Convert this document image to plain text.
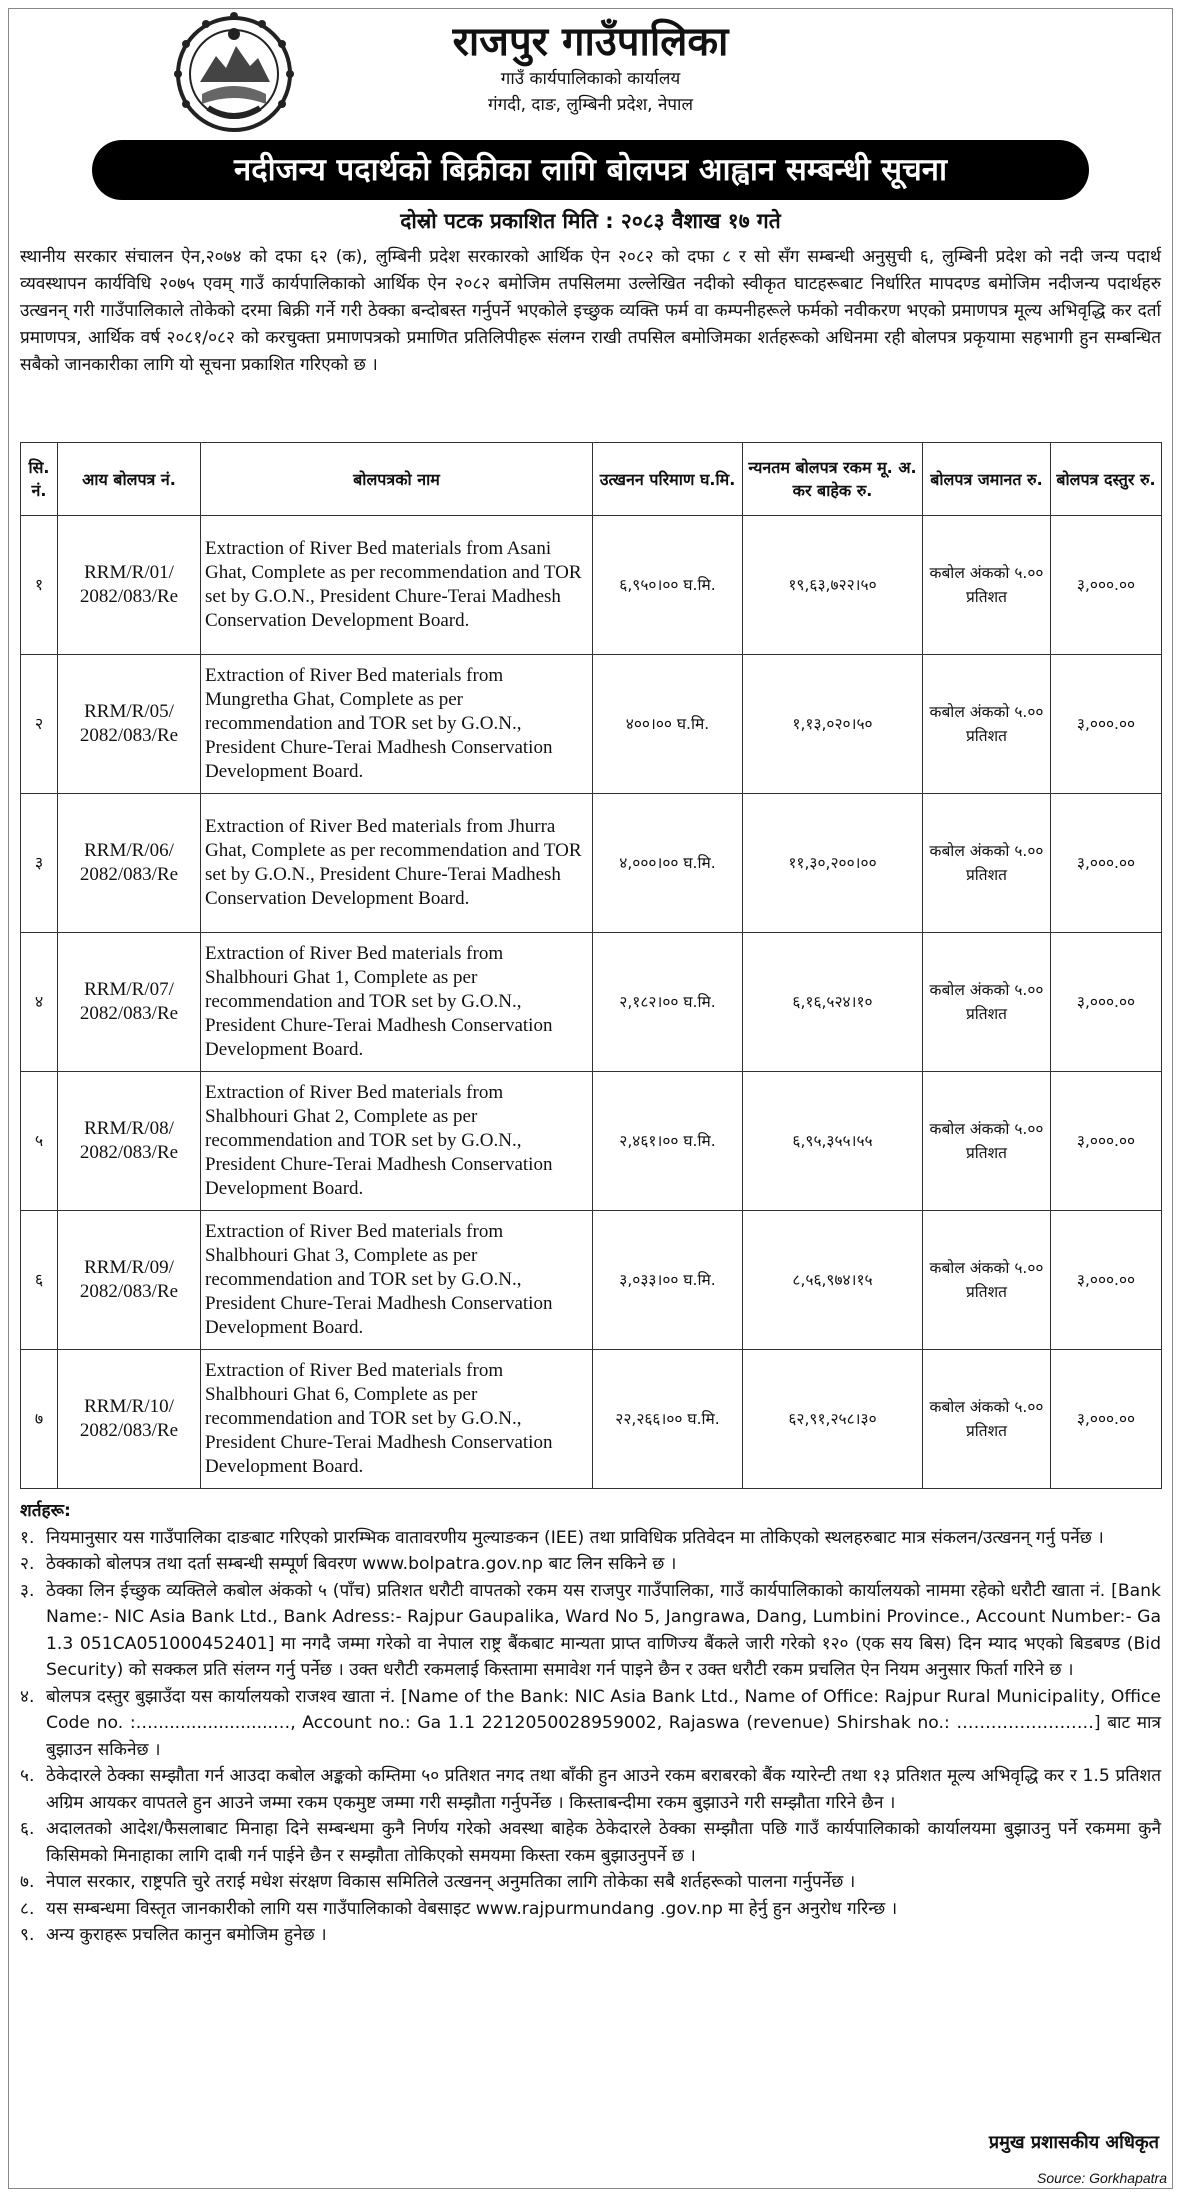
राजपुर गाउँपालिका
गाउँ कार्यपालिकाको कार्यालय
गंगदी, दाङ, लुम्बिनी प्रदेश, नेपाल
नदीजन्य पदार्थको बिक्रीका लागि बोलपत्र आह्वान सम्बन्धी सूचना
दोस्रो पटक प्रकाशित मिति : २०८३ वैशाख १७ गते
स्थानीय सरकार संचालन ऐन,२०७४ को दफा ६२ (क), लुम्बिनी प्रदेश सरकारको आर्थिक ऐन २०८२ को दफा ८ र सो सँग सम्बन्धी अनुसुची ६, लुम्बिनी प्रदेश को नदी जन्य पदार्थ व्यवस्थापन कार्यविधि २०७५ एवम् गाउँ कार्यपालिकाको आर्थिक ऐन २०८२ बमोजिम तपसिलमा उल्लेखित नदीको स्वीकृत घाटहरूबाट निर्धारित मापदण्ड बमोजिम नदीजन्य पदार्थहरु उत्खनन् गरी गाउँपालिकाले तोकेको दरमा बिक्री गर्ने गरी ठेक्का बन्दोबस्त गर्नुपर्ने भएकोले इच्छुक व्यक्ति फर्म वा कम्पनीहरूले फर्मको नवीकरण भएको प्रमाणपत्र मूल्य अभिवृद्धि कर दर्ता प्रमाणपत्र, आर्थिक वर्ष २०८१/०८२ को करचुक्ता प्रमाणपत्रको प्रमाणित प्रतिलिपीहरू संलग्न राखी तपसिल बमोजिमका शर्तहरूको अधिनमा रही बोलपत्र प्रकृयामा सहभागी हुन सम्बन्धित सबैको जानकारीका लागि यो सूचना प्रकाशित गरिएको छ ।
सि. नं.	आय बोलपत्र नं.	बोलपत्रको नाम	उत्खनन परिमाण घ.मि.	न्यनतम बोलपत्र रकम मू. अ. कर बाहेक रु.	बोलपत्र जमानत रु.	बोलपत्र दस्तुर रु.
१	RRM/R/01/ 2082/083/Re	Extraction of River Bed materials from Asani Ghat, Complete as per recommendation and TOR set by G.O.N., President Chure-Terai Madhesh Conservation Development Board.	६,९५०।०० घ.मि.	१९,६३,७२२।५०	कबोल अंकको ५.०० प्रतिशत	३,०००.००
२	RRM/R/05/ 2082/083/Re	Extraction of River Bed materials from Mungretha Ghat, Complete as per recommendation and TOR set by G.O.N., President Chure-Terai Madhesh Conservation Development Board.	४००।०० घ.मि.	१,१३,०२०।५०	कबोल अंकको ५.०० प्रतिशत	३,०००.००
३	RRM/R/06/ 2082/083/Re	Extraction of River Bed materials from Jhurra Ghat, Complete as per recommendation and TOR set by G.O.N., President Chure-Terai Madhesh Conservation Development Board.	४,०००।०० घ.मि.	११,३०,२००।००	कबोल अंकको ५.०० प्रतिशत	३,०००.००
४	RRM/R/07/ 2082/083/Re	Extraction of River Bed materials from Shalbhouri Ghat 1, Complete as per recommendation and TOR set by G.O.N., President Chure-Terai Madhesh Conservation Development Board.	२,१८२।०० घ.मि.	६,१६,५२४।१०	कबोल अंकको ५.०० प्रतिशत	३,०००.००
५	RRM/R/08/ 2082/083/Re	Extraction of River Bed materials from Shalbhouri Ghat 2, Complete as per recommendation and TOR set by G.O.N., President Chure-Terai Madhesh Conservation Development Board.	२,४६१।०० घ.मि.	६,९५,३५५।५५	कबोल अंकको ५.०० प्रतिशत	३,०००.००
६	RRM/R/09/ 2082/083/Re	Extraction of River Bed materials from Shalbhouri Ghat 3, Complete as per recommendation and TOR set by G.O.N., President Chure-Terai Madhesh Conservation Development Board.	३,०३३।०० घ.मि.	८,५६,९७४।१५	कबोल अंकको ५.०० प्रतिशत	३,०००.००
७	RRM/R/10/ 2082/083/Re	Extraction of River Bed materials from Shalbhouri Ghat 6, Complete as per recommendation and TOR set by G.O.N., President Chure-Terai Madhesh Conservation Development Board.	२२,२६६।०० घ.मि.	६२,९१,२५८।३०	कबोल अंकको ५.०० प्रतिशत	३,०००.००
शर्तहरू:
१. नियमानुसार यस गाउँपालिका दाङबाट गरिएको प्रारम्भिक वातावरणीय मुल्याङकन (IEE) तथा प्राविधिक प्रतिवेदन मा तोकिएको स्थलहरुबाट मात्र संकलन/उत्खनन् गर्नु पर्नेछ ।
२. ठेक्काको बोलपत्र तथा दर्ता सम्बन्धी सम्पूर्ण बिवरण www.bolpatra.gov.np बाट लिन सकिने छ ।
३. ठेक्का लिन ईच्छुक व्यक्तिले कबोल अंकको ५ (पाँच) प्रतिशत धरौटी वापतको रकम यस राजपुर गाउँपालिका, गाउँ कार्यपालिकाको कार्यालयको नाममा रहेको धरौटी खाता नं. [Bank Name:- NIC Asia Bank Ltd., Bank Adress:- Rajpur Gaupalika, Ward No 5, Jangrawa, Dang, Lumbini Province., Account Number:- Ga 1.3 051CA051000452401] मा नगदै जम्मा गरेको वा नेपाल राष्ट्र बैंकबाट मान्यता प्राप्त वाणिज्य बैंकले जारी गरेको १२० (एक सय बिस) दिन म्याद भएको बिडबण्ड (Bid Security) को सक्कल प्रति संलग्न गर्नु पर्नेछ । उक्त धरौटी रकमलाई किस्तामा समावेश गर्न पाइने छैन र उक्त धरौटी रकम प्रचलित ऐन नियम अनुसार फिर्ता गरिने छ ।
४. बोलपत्र दस्तुर बुझाउँदा यस कार्यालयको राजश्व खाता नं. [Name of the Bank: NIC Asia Bank Ltd., Name of Office: Rajpur Rural Municipality, Office Code no. :…......................…, Account no.: Ga 1.1 221205002895​9002, Rajaswa (revenue) Shirshak no.: ……………………] बाट मात्र बुझाउन सकिनेछ ।
५. ठेकेदारले ठेक्का सम्झौता गर्न आउदा कबोल अङ्कको कम्तिमा ५० प्रतिशत नगद तथा बाँकी हुन आउने रकम बराबरको बैंक ग्यारेन्टी तथा १३ प्रतिशत मूल्य अभिवृद्धि कर र 1.5 प्रतिशत अग्रिम आयकर वापतले हुन आउने जम्मा रकम एकमुष्ट जम्मा गरी सम्झौता गर्नुपर्नेछ । किस्ताबन्दीमा रकम बुझाउने गरी सम्झौता गरिने छैन ।
६. अदालतको आदेश/फैसलाबाट मिनाहा दिने सम्बन्धमा कुनै निर्णय गरेको अवस्था बाहेक ठेकेदारले ठेक्का सम्झौता पछि गाउँ कार्यपालिकाको कार्यालयमा बुझाउनु पर्ने रकममा कुनै किसिमको मिनाहाका लागि दाबी गर्न पाईने छैन र सम्झौता तोकिएको समयमा किस्ता रकम बुझाउनुपर्ने छ ।
७. नेपाल सरकार, राष्ट्रपति चुरे तराई मधेश संरक्षण विकास समितिले उत्खनन् अनुमतिका लागि तोकेका सबै शर्तहरूको पालना गर्नुपर्नेछ ।
८. यस सम्बन्धमा विस्तृत जानकारीको लागि यस गाउँपालिकाको वेबसाइट www.rajpurmundang .gov.np मा हेर्नु हुन अनुरोध गरिन्छ ।
९. अन्य कुराहरू प्रचलित कानुन बमोजिम हुनेछ ।
प्रमुख प्रशासकीय अधिकृत
Source: Gorkhapatra
